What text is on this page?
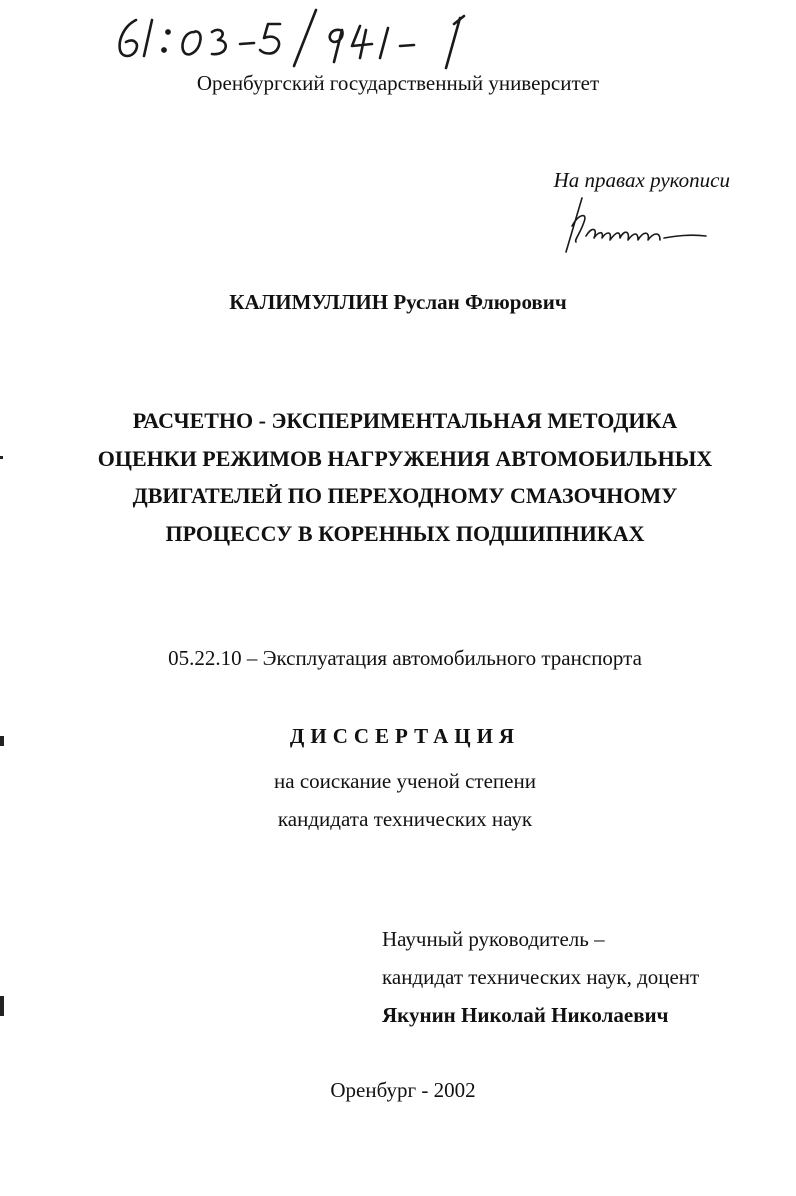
Оренбургский государственный университет
На правах рукописи
КАЛИМУЛЛИН Руслан Флюрович
РАСЧЕТНО - ЭКСПЕРИМЕНТАЛЬНАЯ МЕТОДИКА
ОЦЕНКИ РЕЖИМОВ НАГРУЖЕНИЯ АВТОМОБИЛЬНЫХ
ДВИГАТЕЛЕЙ ПО ПЕРЕХОДНОМУ СМАЗОЧНОМУ
ПРОЦЕССУ В КОРЕННЫХ ПОДШИПНИКАХ
05.22.10 – Эксплуатация автомобильного транспорта
ДИССЕРТАЦИЯ
на соискание ученой степени
кандидата технических наук
Научный руководитель –
кандидат технических наук, доцент
Якунин Николай Николаевич
Оренбург - 2002
